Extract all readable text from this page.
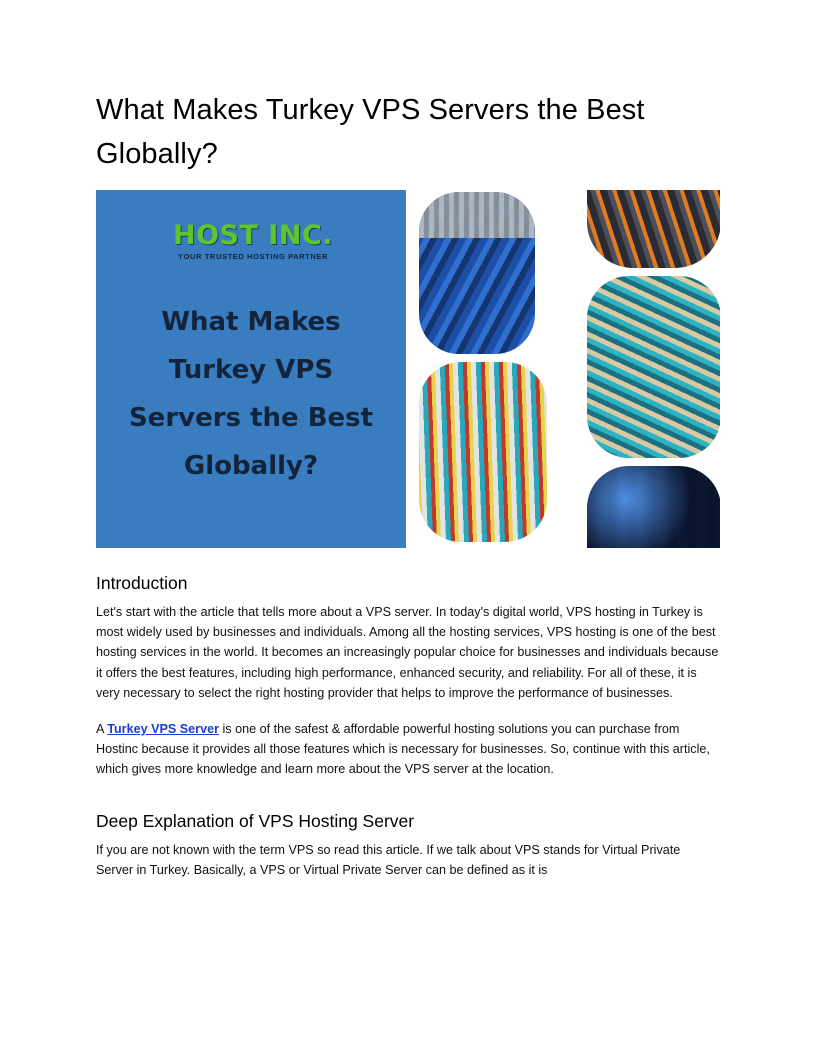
What Makes Turkey VPS Servers the Best Globally?
HOST INC.
YOUR TRUSTED HOSTING PARTNER
What Makes
Turkey VPS
Servers the Best
Globally?
Introduction

Let's start with the article that tells more about a VPS server. In today's digital world, VPS hosting in Turkey is most widely used by businesses and individuals. Among all the hosting services, VPS hosting is one of the best hosting services in the world. It becomes an increasingly popular choice for businesses and individuals because it offers the best features, including high performance, enhanced security, and reliability. For all of these, it is very necessary to select the right hosting provider that helps to improve the performance of businesses.

A Turkey VPS Server is one of the safest & affordable powerful hosting solutions you can purchase from Hostinc because it provides all those features which is necessary for businesses. So, continue with this article, which gives more knowledge and learn more about the VPS server at the location.

Deep Explanation of VPS Hosting Server

If you are not known with the term VPS so read this article. If we talk about VPS stands for Virtual Private Server in Turkey. Basically, a VPS or Virtual Private Server can be defined as it is
